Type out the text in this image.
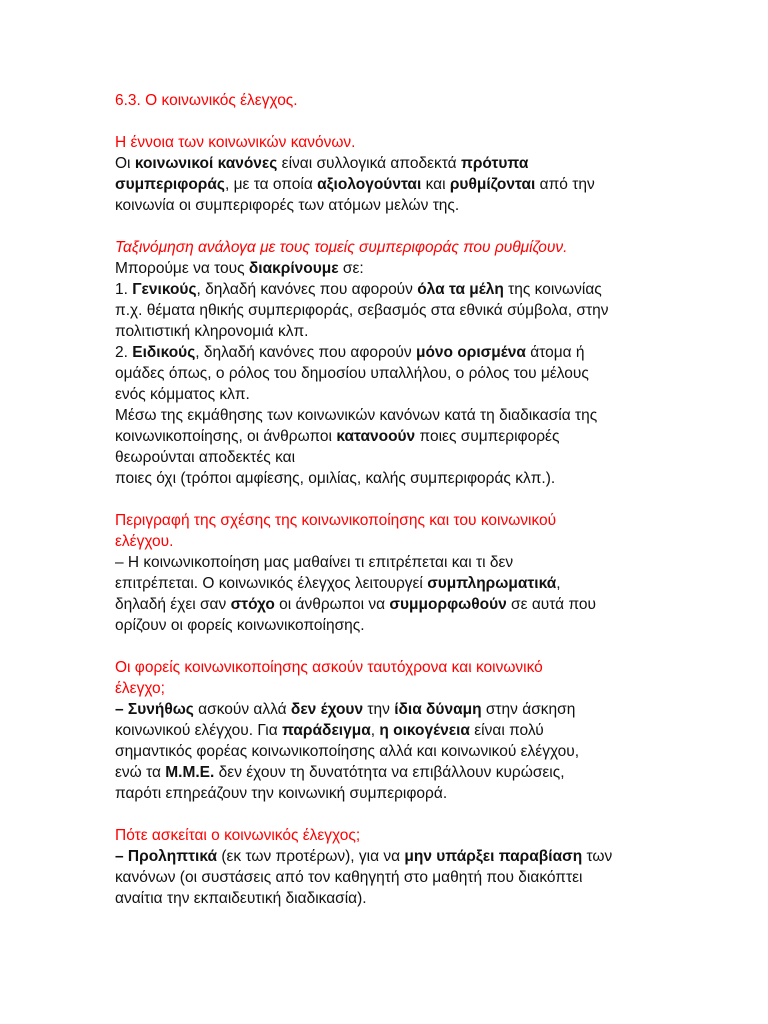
6.3. Ο κοινωνικός έλεγχος.

Η έννοια των κοινωνικών κανόνων.

Οι κοινωνικοί κανόνες είναι συλλογικά αποδεκτά πρότυπα
συμπεριφοράς, με τα οποία αξιολογούνται και ρυθμίζονται από την
κοινωνία οι συμπεριφορές των ατόμων μελών της.

Ταξινόμηση ανάλογα με τους τομείς συμπεριφοράς που ρυθμίζουν.

Μπορούμε να τους διακρίνουμε σε:
1. Γενικούς, δηλαδή κανόνες που αφορούν όλα τα μέλη της κοινωνίας
π.χ. θέματα ηθικής συμπεριφοράς, σεβασμός στα εθνικά σύμβολα, στην
πολιτιστική κληρονομιά κλπ.
2. Ειδικούς, δηλαδή κανόνες που αφορούν μόνο ορισμένα άτομα ή
ομάδες όπως, ο ρόλος του δημοσίου υπαλλήλου, ο ρόλος του μέλους
ενός κόμματος κλπ.
Μέσω της εκμάθησης των κοινωνικών κανόνων κατά τη διαδικασία της
κοινωνικοποίησης, οι άνθρωποι κατανοούν ποιες συμπεριφορές
θεωρούνται αποδεκτές και
ποιες όχι (τρόποι αμφίεσης, ομιλίας, καλής συμπεριφοράς κλπ.).

Περιγραφή της σχέσης της κοινωνικοποίησης και του κοινωνικού
ελέγχου.

– Η κοινωνικοποίηση μας μαθαίνει τι επιτρέπεται και τι δεν
επιτρέπεται. Ο κοινωνικός έλεγχος λειτουργεί συμπληρωματικά,
δηλαδή έχει σαν στόχο οι άνθρωποι να συμμορφωθούν σε αυτά που
ορίζουν οι φορείς κοινωνικοποίησης.

Οι φορείς κοινωνικοποίησης ασκούν ταυτόχρονα και κοινωνικό
έλεγχο;

– Συνήθως ασκούν αλλά δεν έχουν την ίδια δύναμη στην άσκηση
κοινωνικού ελέγχου. Για παράδειγμα, η οικογένεια είναι πολύ
σημαντικός φορέας κοινωνικοποίησης αλλά και κοινωνικού ελέγχου,
ενώ τα Μ.Μ.Ε. δεν έχουν τη δυνατότητα να επιβάλλουν κυρώσεις,
παρότι επηρεάζουν την κοινωνική συμπεριφορά.

Πότε ασκείται ο κοινωνικός έλεγχος;

– Προληπτικά (εκ των προτέρων), για να μην υπάρξει παραβίαση των
κανόνων (οι συστάσεις από τον καθηγητή στο μαθητή που διακόπτει
αναίτια την εκπαιδευτική διαδικασία).
